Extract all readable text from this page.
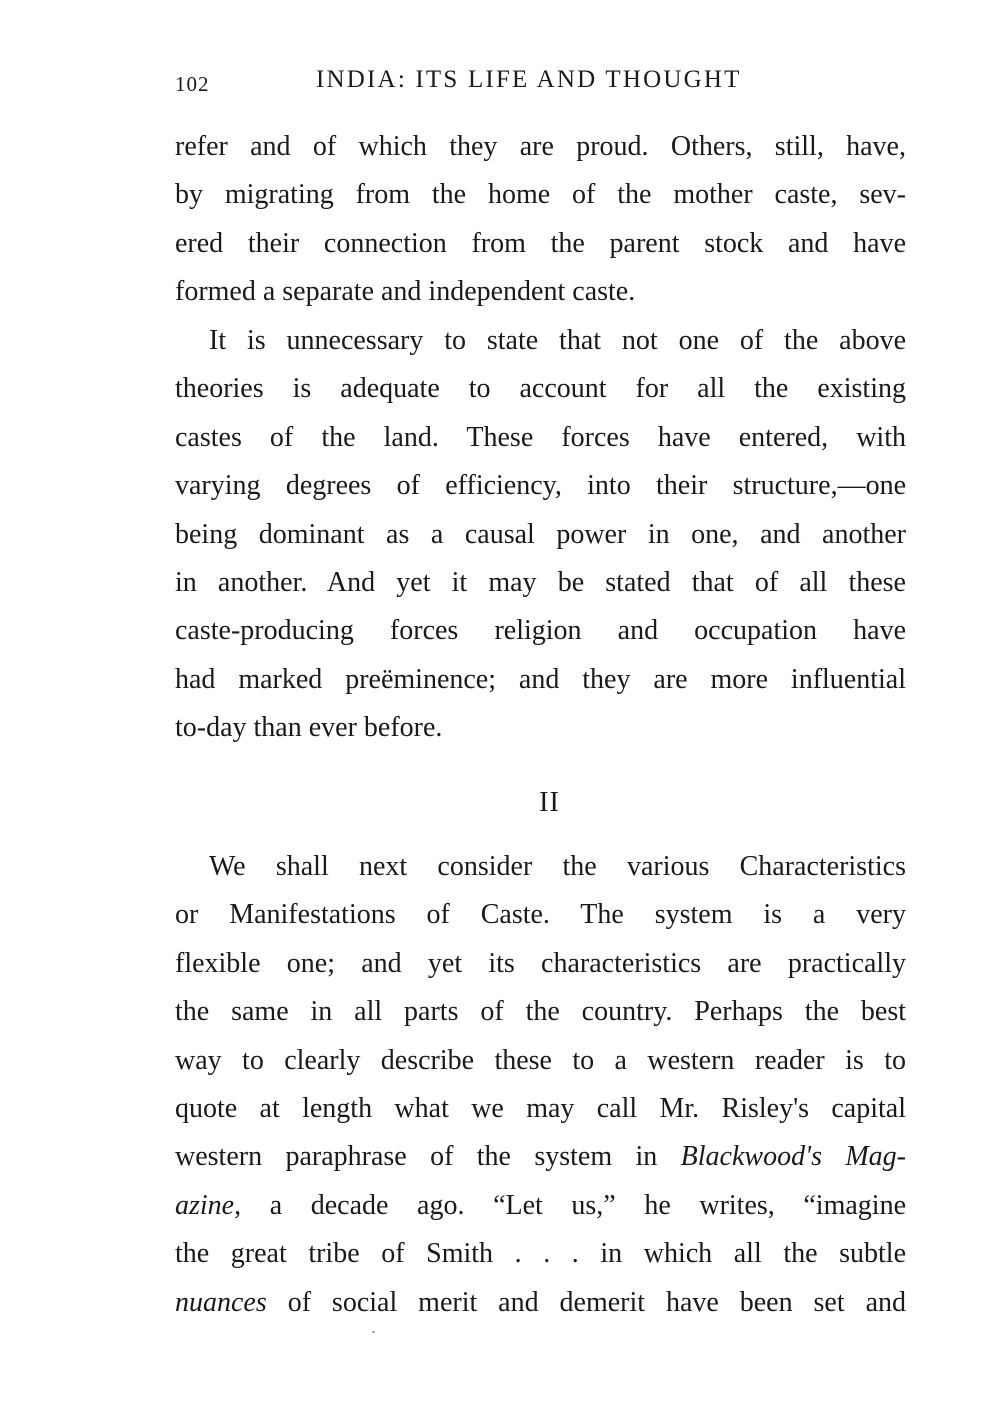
102	INDIA: ITS LIFE AND THOUGHT
refer and of which they are proud. Others, still, have,
by migrating from the home of the mother caste, sev-
ered their connection from the parent stock and have
formed a separate and independent caste.
It is unnecessary to state that not one of the above
theories is adequate to account for all the existing
castes of the land. These forces have entered, with
varying degrees of efficiency, into their structure,—one
being dominant as a causal power in one, and another
in another. And yet it may be stated that of all these
caste-producing forces religion and occupation have
had marked preëminence; and they are more influential
to-day than ever before.
II
We shall next consider the various Characteristics
or Manifestations of Caste. The system is a very
flexible one; and yet its characteristics are practically
the same in all parts of the country. Perhaps the best
way to clearly describe these to a western reader is to
quote at length what we may call Mr. Risley's capital
western paraphrase of the system in Blackwood's Mag-
azine, a decade ago. “Let us,” he writes, “imagine
the great tribe of Smith . . . in which all the subtle
nuances of social merit and demerit have been set and
